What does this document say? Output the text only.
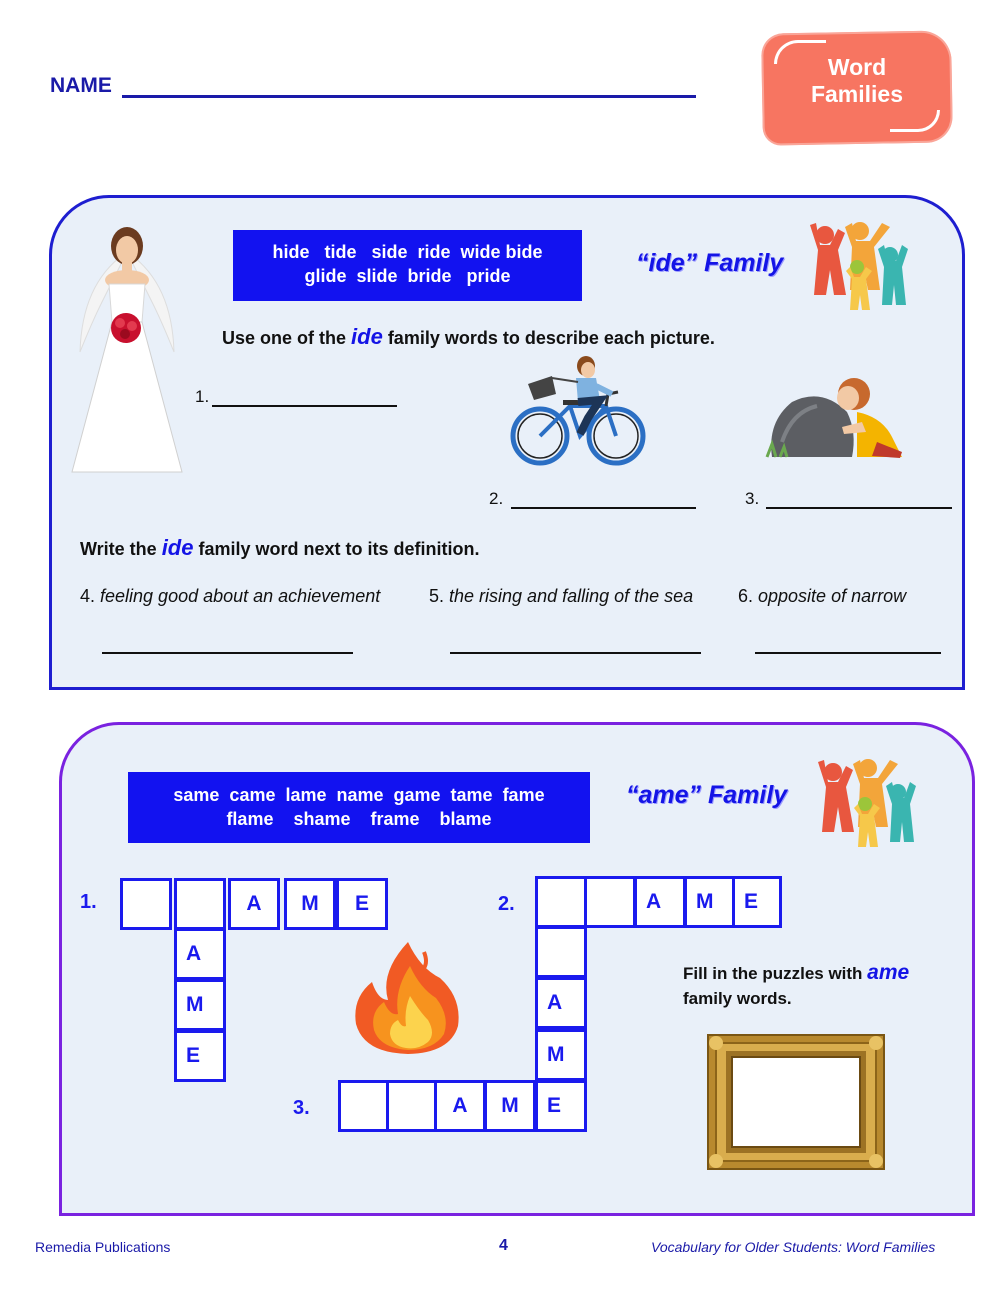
NAME
Word
Families
hide   tide   side  ride  wide bide
glide  slide  bride   pride	“ide” Family
Use one of the ide family words to describe each picture.
1.
2.	3.
Write the ide family word next to its definition.
4. feeling good about an achievement	5. the rising and falling of the sea 6. opposite of narrow
same  came  lame  name  game  tame  fame
flame    shame    frame    blame
“ame” Family
1.	A	M	E
A
M
E
2.	A	M	E
A
M
3.	A	M	E
Fill in the puzzles with ame
family words.
Remedia Publications	4	Vocabulary for Older Students: Word Families
